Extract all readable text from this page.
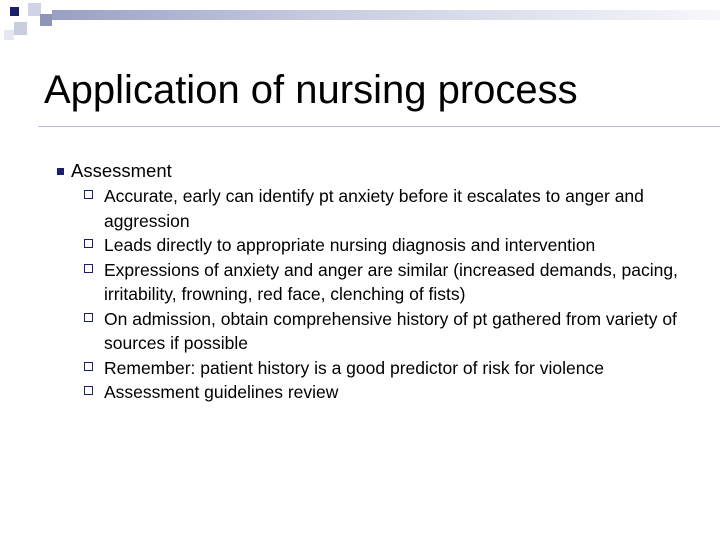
Application of nursing process
Assessment
Accurate, early can identify pt anxiety before it escalates to anger and aggression
Leads directly to appropriate nursing diagnosis and intervention
Expressions of anxiety and anger are similar (increased demands, pacing, irritability, frowning, red face, clenching of fists)
On admission, obtain comprehensive history of pt gathered from variety of sources if possible
Remember: patient history is a good predictor of risk for violence
Assessment guidelines review
